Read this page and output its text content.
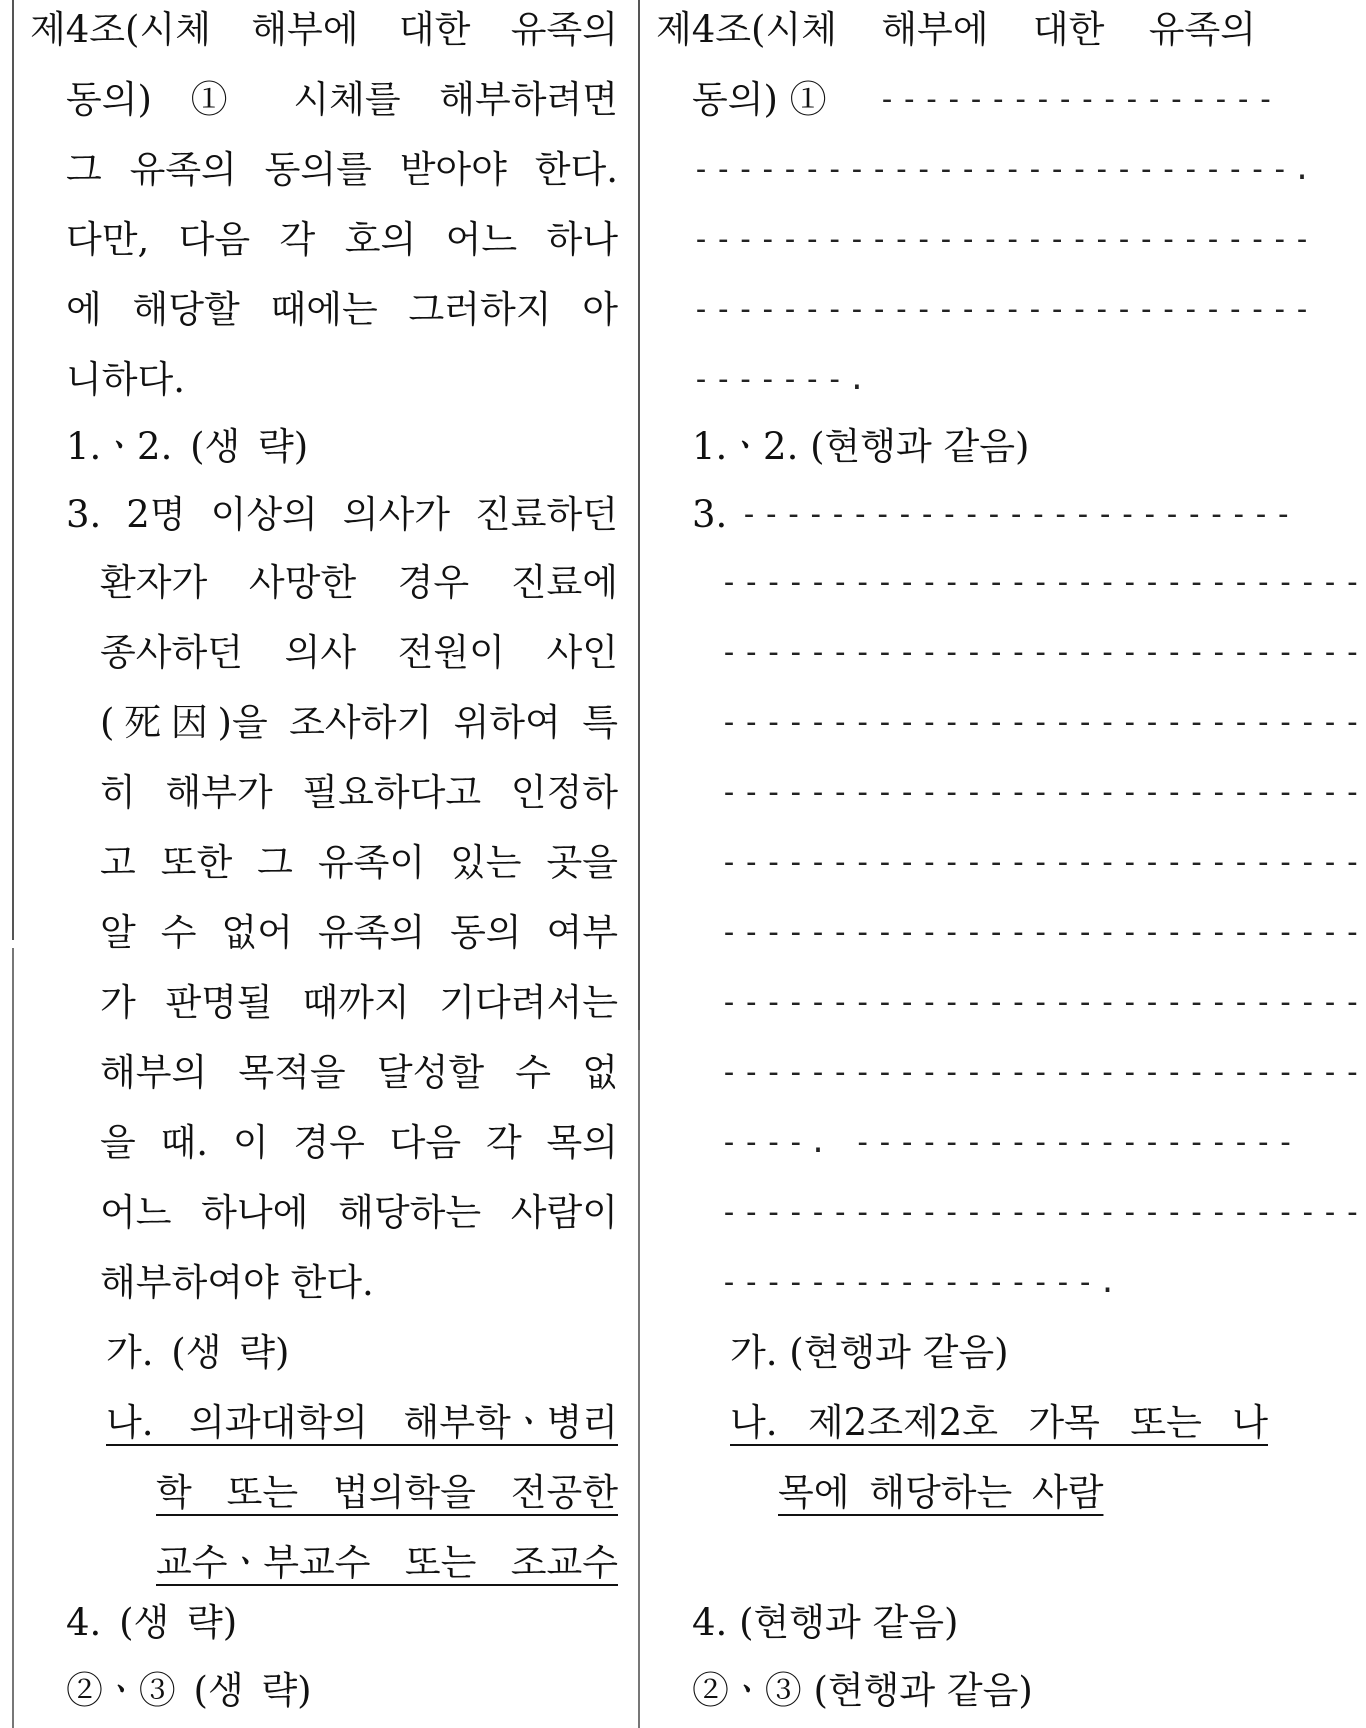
제4조(시체 해부에 대한 유족의
동의) ① 시체를 해부하려면
그 유족의 동의를 받아야 한다.
다만, 다음 각 호의 어느 하나
에 해당할 때에는 그러하지 아
니하다.
1.ㆍ2. (생 략)
3. 2명 이상의 의사가 진료하던
환자가 사망한 경우 진료에
종사하던 의사 전원이 사인
(死因)을 조사하기 위하여 특
히 해부가 필요하다고 인정하
고 또한 그 유족이 있는 곳을
알 수 없어 유족의 동의 여부
가 판명될 때까지 기다려서는
해부의 목적을 달성할 수 없
을 때. 이 경우 다음 각 목의
어느 하나에 해당하는 사람이
해부하여야 한다.
가. (생 략)
나. 의과대학의 해부학ㆍ병리
학 또는 법의학을 전공한
교수ㆍ부교수 또는 조교수
4. (생 략)
②ㆍ③ (생 략)
제4조(시체 해부에 대한 유족의
동의) ①	------------------
---------------------------.
----------------------------
----------------------------
-------.
1.ㆍ2. (현행과 같음)
3. -------------------------
-----------------------------
-----------------------------
-----------------------------
-----------------------------
-----------------------------
-----------------------------
-----------------------------
-----------------------------
----. --------------------
-----------------------------
-----------------.
가. (현행과 같음)
나. 제2조제2호 가목 또는 나
목에 해당하는 사람
4. (현행과 같음)
②ㆍ③ (현행과 같음)
